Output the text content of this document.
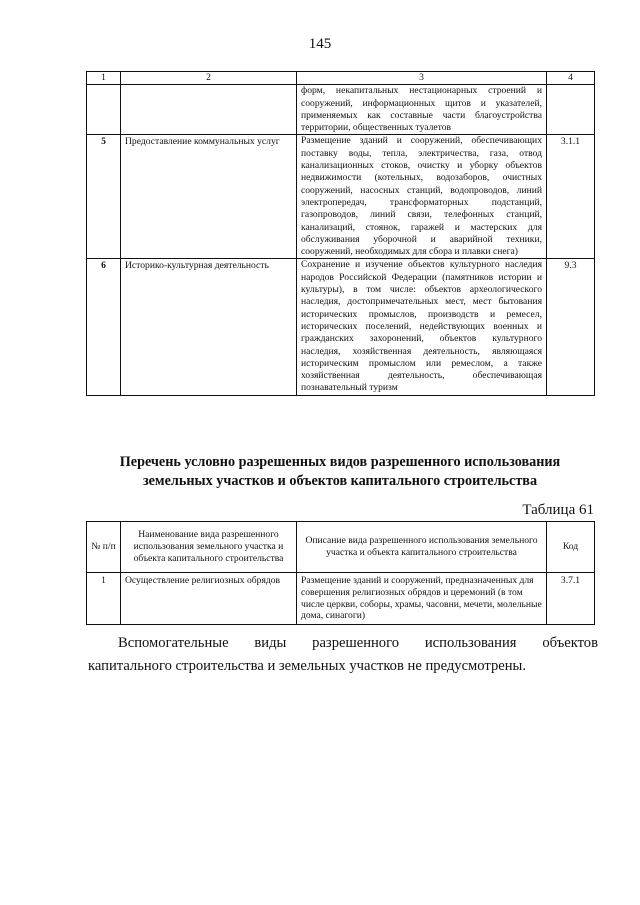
145
1	2	3	4
		форм, некапитальных нестационарных строений и сооружений, информационных щитов и указателей, применяемых как составные части благоустройства территории, общественных туалетов	
5	Предоставление коммунальных услуг	Размещение зданий и сооружений, обеспечивающих поставку воды, тепла, электричества, газа, отвод канализационных стоков, очистку и уборку объектов недвижимости (котельных, водозаборов, очистных сооружений, насосных станций, водопроводов, линий электропередач, трансформаторных подстанций, газопроводов, линий связи, телефонных станций, канализаций, стоянок, гаражей и мастерских для обслуживания уборочной и аварийной техники, сооружений, необходимых для сбора и плавки снега)	3.1.1
6	Историко-культурная деятельность	Сохранение и изучение объектов культурного наследия народов Российской Федерации (памятников истории и культуры), в том числе: объектов археологического наследия, достопримечательных мест, мест бытования исторических промыслов, производств и ремесел, исторических поселений, недействующих военных и гражданских захоронений, объектов культурного наследия, хозяйственная деятельность, являющаяся историческим промыслом или ремеслом, а также хозяйственная деятельность, обеспечивающая познавательный туризм	9.3
Перечень условно разрешенных видов разрешенного использования
земельных участков и объектов капитального строительства
Таблица 61
№ п/п	Наименование вида разрешенного использования земельного участка и объекта капитального строительства	Описание вида разрешенного использования земельного участка и объекта капитального строительства	Код
1	Осуществление религиозных обрядов	Размещение зданий и сооружений, предназначенных для совершения религиозных обрядов и церемоний (в том числе церкви, соборы, храмы, часовни, мечети, молельные дома, синагоги)	3.7.1
Вспомогательные виды разрешенного использования объектов
капитального строительства и земельных участков не предусмотрены.
